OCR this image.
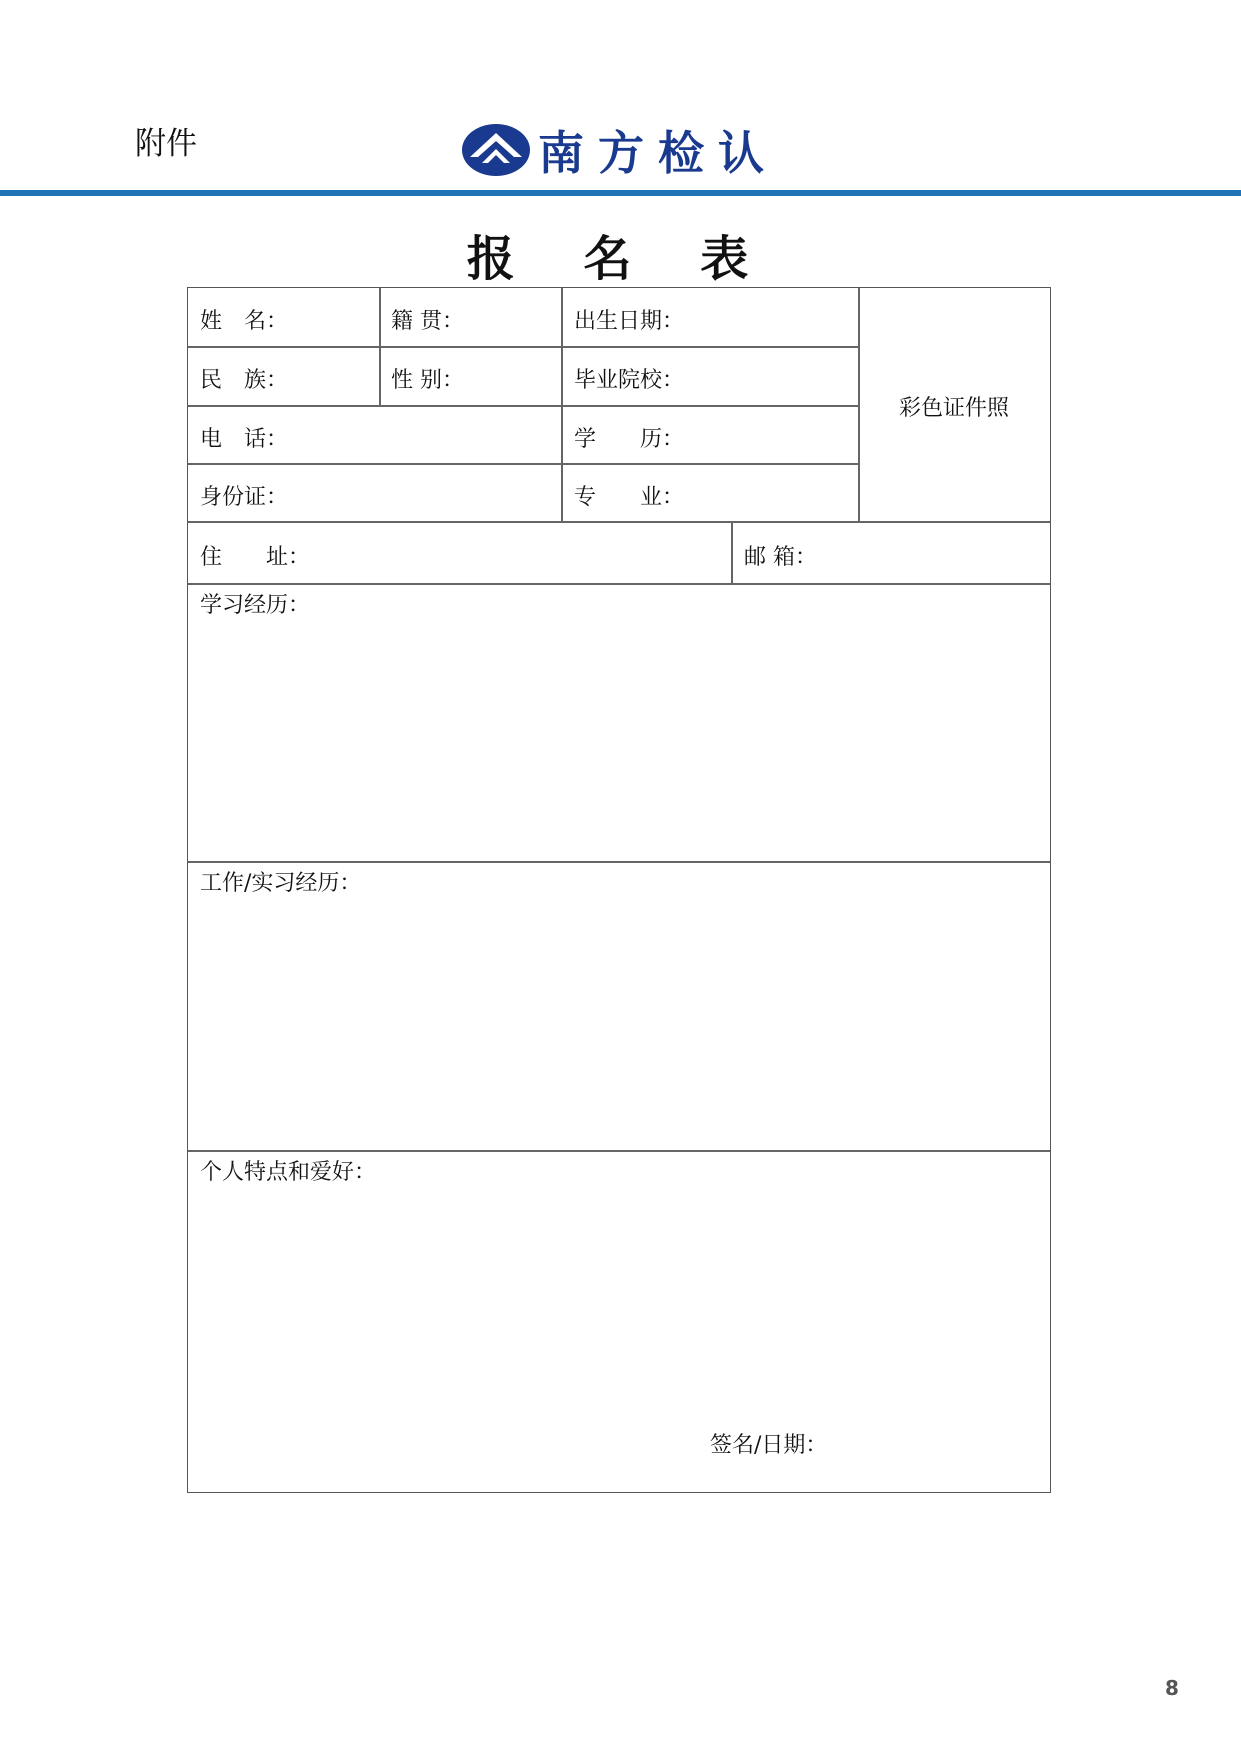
附件	南方检认
报 名 表
姓　名：	籍 贯：	出生日期：
民　族：	性 别：	毕业院校：
电　话：	学　　历：
身份证：	专　　业：
彩色证件照
住　　址：	邮 箱：
学习经历：
工作/实习经历：
个人特点和爱好：
签名/日期：
8
